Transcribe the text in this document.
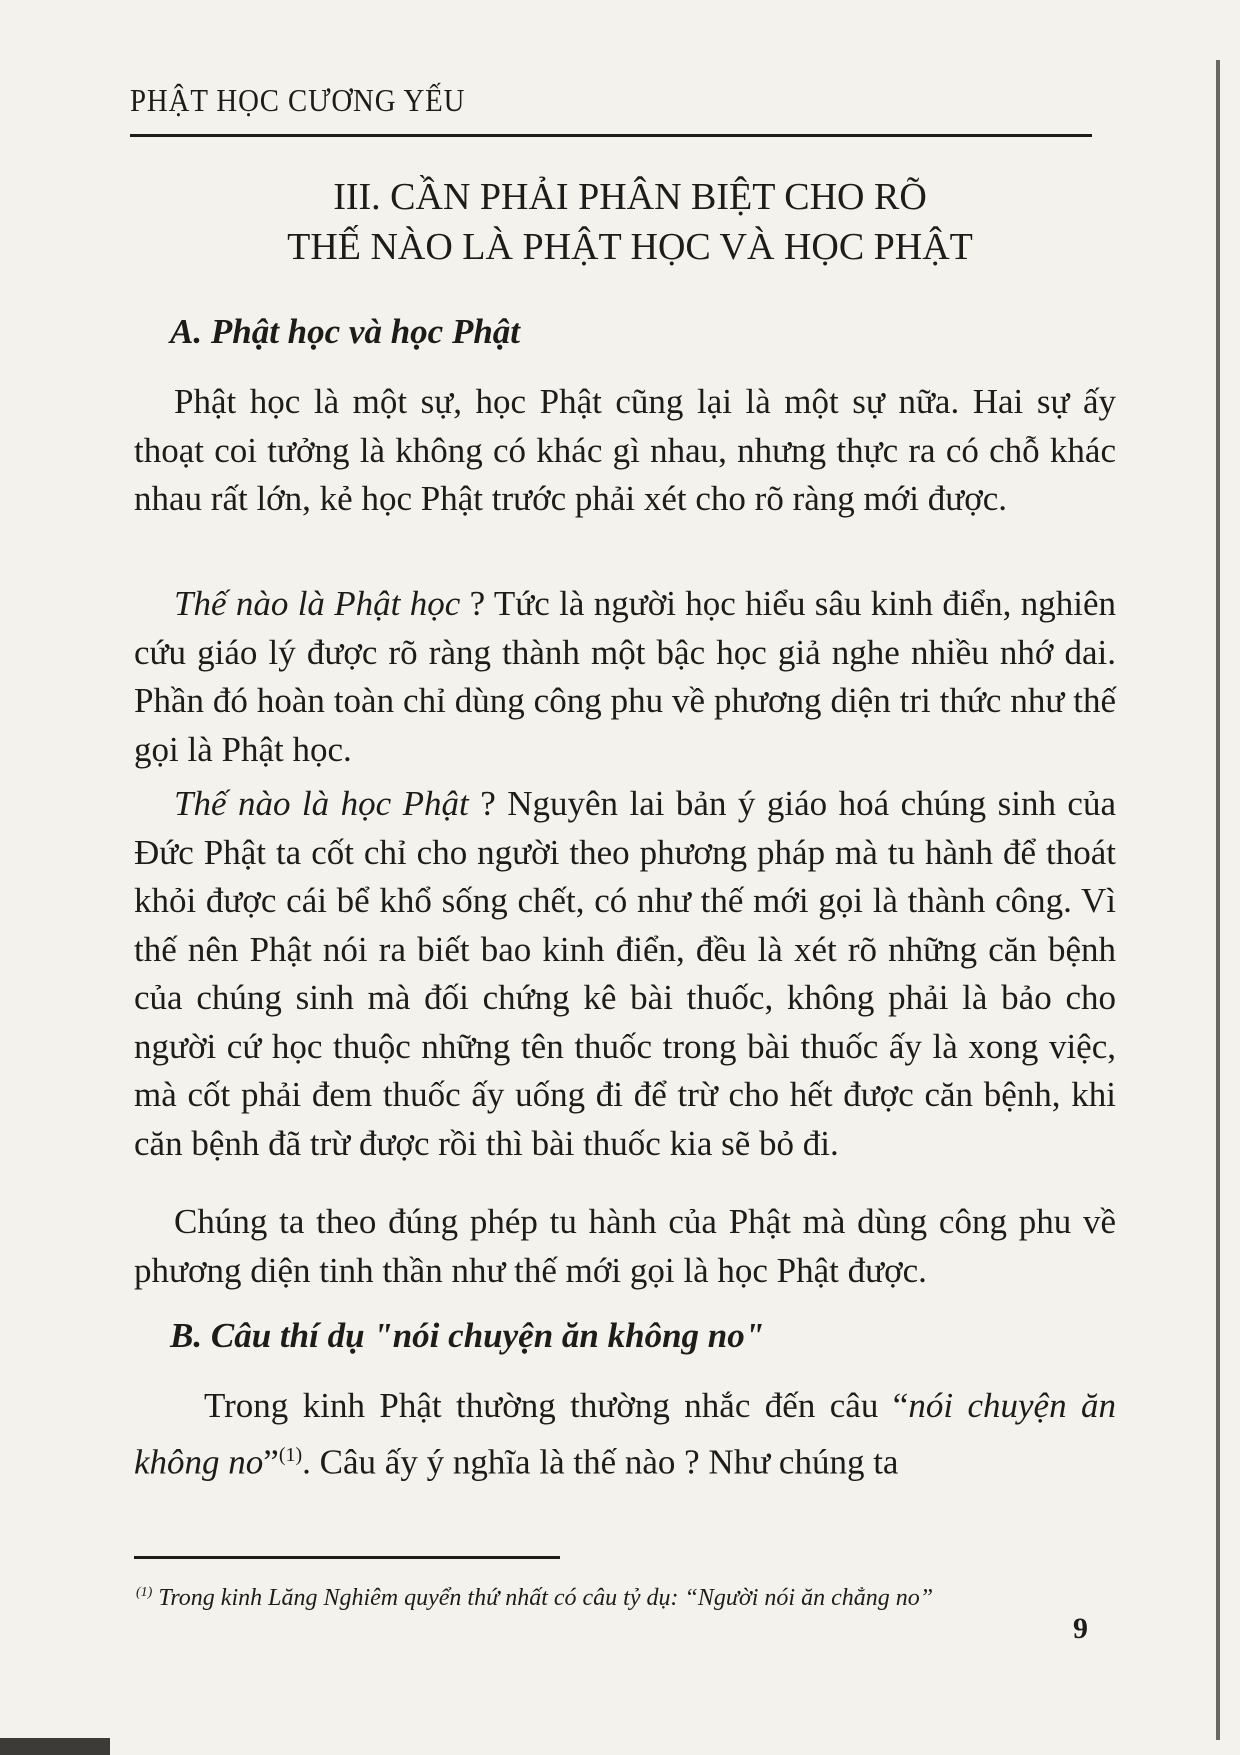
PHẬT HỌC CƯƠNG YẾU
III. CẦN PHẢI PHÂN BIỆT CHO RÕ
THẾ NÀO LÀ PHẬT HỌC VÀ HỌC PHẬT
A. Phật học và học Phật

Phật học là một sự, học Phật cũng lại là một sự nữa. Hai sự ấy thoạt coi tưởng là không có khác gì nhau, nhưng thực ra có chỗ khác nhau rất lớn, kẻ học Phật trước phải xét cho rõ ràng mới được.

Thế nào là Phật học ? Tức là người học hiểu sâu kinh điển, nghiên cứu giáo lý được rõ ràng thành một bậc học giả nghe nhiều nhớ dai. Phần đó hoàn toàn chỉ dùng công phu về phương diện tri thức như thế gọi là Phật học.

Thế nào là học Phật ? Nguyên lai bản ý giáo hoá chúng sinh của Đức Phật ta cốt chỉ cho người theo phương pháp mà tu hành để thoát khỏi được cái bể khổ sống chết, có như thế mới gọi là thành công. Vì thế nên Phật nói ra biết bao kinh điển, đều là xét rõ những căn bệnh của chúng sinh mà đối chứng kê bài thuốc, không phải là bảo cho người cứ học thuộc những tên thuốc trong bài thuốc ấy là xong việc, mà cốt phải đem thuốc ấy uống đi để trừ cho hết được căn bệnh, khi căn bệnh đã trừ được rồi thì bài thuốc kia sẽ bỏ đi.

Chúng ta theo đúng phép tu hành của Phật mà dùng công phu về phương diện tinh thần như thế mới gọi là học Phật được.

B. Câu thí dụ "nói chuyện ăn không no"

Trong kinh Phật thường thường nhắc đến câu “nói chuyện ăn không no”$^{(1)}$. Câu ấy ý nghĩa là thế nào ? Như chúng ta

$^{(1)}$ Trong kinh Lăng Nghiêm quyển thứ nhất có câu tỷ dụ: “Người nói ăn chẳng no”
9
